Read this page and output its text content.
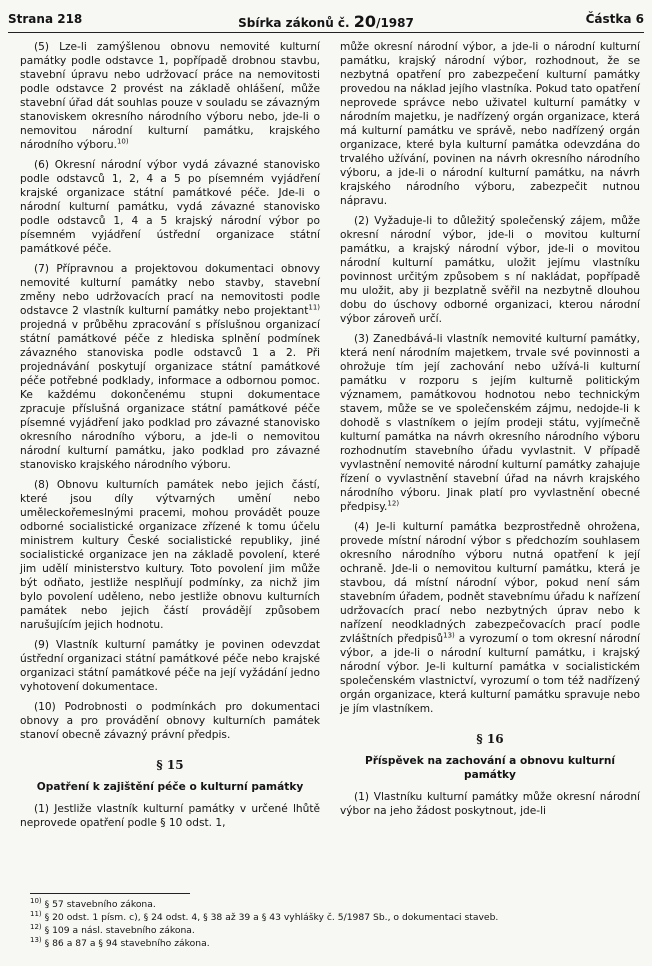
Strana 218	Sbírka zákonů č. 20/1987	Částka 6

(5) Lze-li zamýšlenou obnovu nemovité kulturní památky podle odstavce 1, popřípadě drobnou stavbu, stavební úpravu nebo udržovací práce na nemovitosti podle odstavce 2 provést na základě ohlášení, může stavební úřad dát souhlas pouze v souladu se závazným stanoviskem okresního národního výboru nebo, jde-li o nemovitou národní kulturní památku, krajského národního výboru.$^{10)}$

(6) Okresní národní výbor vydá závazné stanovisko podle odstavců 1, 2, 4 a 5 po písemném vyjádření krajské organizace státní památkové péče. Jde-li o národní kulturní památku, vydá závazné stanovisko podle odstavců 1, 4 a 5 krajský národní výbor po písemném vyjádření ústřední organizace státní památkové péče.

(7) Přípravnou a projektovou dokumentaci obnovy nemovité kulturní památky nebo stavby, stavební změny nebo udržovacích prací na nemovitosti podle odstavce 2 vlastník kulturní památky nebo projektant$^{11)}$ projedná v průběhu zpracování s příslušnou organizací státní památkové péče z hlediska splnění podmínek závazného stanoviska podle odstavců 1 a 2. Při projednávání poskytují organizace státní památkové péče potřebné podklady, informace a odbornou pomoc. Ke každému dokončenému stupni dokumentace zpracuje příslušná organizace státní památkové péče písemné vyjádření jako podklad pro závazné stanovisko okresního národního výboru, a jde-li o nemovitou národní kulturní památku, jako podklad pro závazné stanovisko krajského národního výboru.

(8) Obnovu kulturních památek nebo jejich částí, které jsou díly výtvarných umění nebo uměleckořemeslnými pracemi, mohou provádět pouze odborné socialistické organizace zřízené k tomu účelu ministrem kultury České socialistické republiky, jiné socialistické organizace jen na základě povolení, které jim udělí ministerstvo kultury. Toto povolení jim může být odňato, jestliže nesplňují podmínky, za nichž jim bylo povolení uděleno, nebo jestliže obnovu kulturních památek nebo jejich částí provádějí způsobem narušujícím jejich hodnotu.

(9) Vlastník kulturní památky je povinen odevzdat ústřední organizaci státní památkové péče nebo krajské organizaci státní památkové péče na její vyžádání jedno vyhotovení dokumentace.

(10) Podrobnosti o podmínkách pro dokumentaci obnovy a pro provádění obnovy kulturních památek stanoví obecně závazný právní předpis.

§ 15

Opatření k zajištění péče o kulturní památky

(1) Jestliže vlastník kulturní památky v určené lhůtě neprovede opatření podle § 10 odst. 1,

může okresní národní výbor, a jde-li o národní kulturní památku, krajský národní výbor, rozhodnout, že se nezbytná opatření pro zabezpečení kulturní památky provedou na náklad jejího vlastníka. Pokud tato opatření neprovede správce nebo uživatel kulturní památky v národním majetku, je nadřízený orgán organizace, která má kulturní památku ve správě, nebo nadřízený orgán organizace, které byla kulturní památka odevzdána do trvalého užívání, povinen na návrh okresního národního výboru, a jde-li o národní kulturní památku, na návrh krajského národního výboru, zabezpečit nutnou nápravu.

(2) Vyžaduje-li to důležitý společenský zájem, může okresní národní výbor, jde-li o movitou kulturní památku, a krajský národní výbor, jde-li o movitou národní kulturní památku, uložit jejímu vlastníku povinnost určitým způsobem s ní nakládat, popřípadě mu uložit, aby ji bezplatně svěřil na nezbytně dlouhou dobu do úschovy odborné organizaci, kterou národní výbor zároveň určí.

(3) Zanedbává-li vlastník nemovité kulturní památky, která není národním majetkem, trvale své povinnosti a ohrožuje tím její zachování nebo užívá-li kulturní památku v rozporu s jejím kulturně politickým významem, památkovou hodnotou nebo technickým stavem, může se ve společenském zájmu, nedojde-li k dohodě s vlastníkem o jejím prodeji státu, vyjímečně kulturní památka na návrh okresního národního výboru rozhodnutím stavebního úřadu vyvlastnit. V případě vyvlastnění nemovité národní kulturní památky zahajuje řízení o vyvlastnění stavební úřad na návrh krajského národního výboru. Jinak platí pro vyvlastnění obecné předpisy.$^{12)}$

(4) Je-li kulturní památka bezprostředně ohrožena, provede místní národní výbor s předchozím souhlasem okresního národního výboru nutná opatření k její ochraně. Jde-li o nemovitou kulturní památku, která je stavbou, dá místní národní výbor, pokud není sám stavebním úřadem, podnět stavebnímu úřadu k nařízení udržovacích prací nebo nezbytných úprav nebo k nařízení neodkladných zabezpečovacích prací podle zvláštních předpisů$^{13)}$ a vyrozumí o tom okresní národní výbor, a jde-li o národní kulturní památku, i krajský národní výbor. Je-li kulturní památka v socialistickém společenském vlastnictví, vyrozumí o tom též nadřízený orgán organizace, která kulturní památku spravuje nebo je jím vlastníkem.

§ 16

Příspěvek na zachování a obnovu kulturní památky

(1) Vlastníku kulturní památky může okresní národní výbor na jeho žádost poskytnout, jde-li

$^{10)}$ § 57 stavebního zákona.
$^{11)}$ § 20 odst. 1 písm. c), § 24 odst. 4, § 38 až 39 a § 43 vyhlášky č. 5/1987 Sb., o dokumentaci staveb.
$^{12)}$ § 109 a násl. stavebního zákona.
$^{13)}$ § 86 a 87 a § 94 stavebního zákona.
